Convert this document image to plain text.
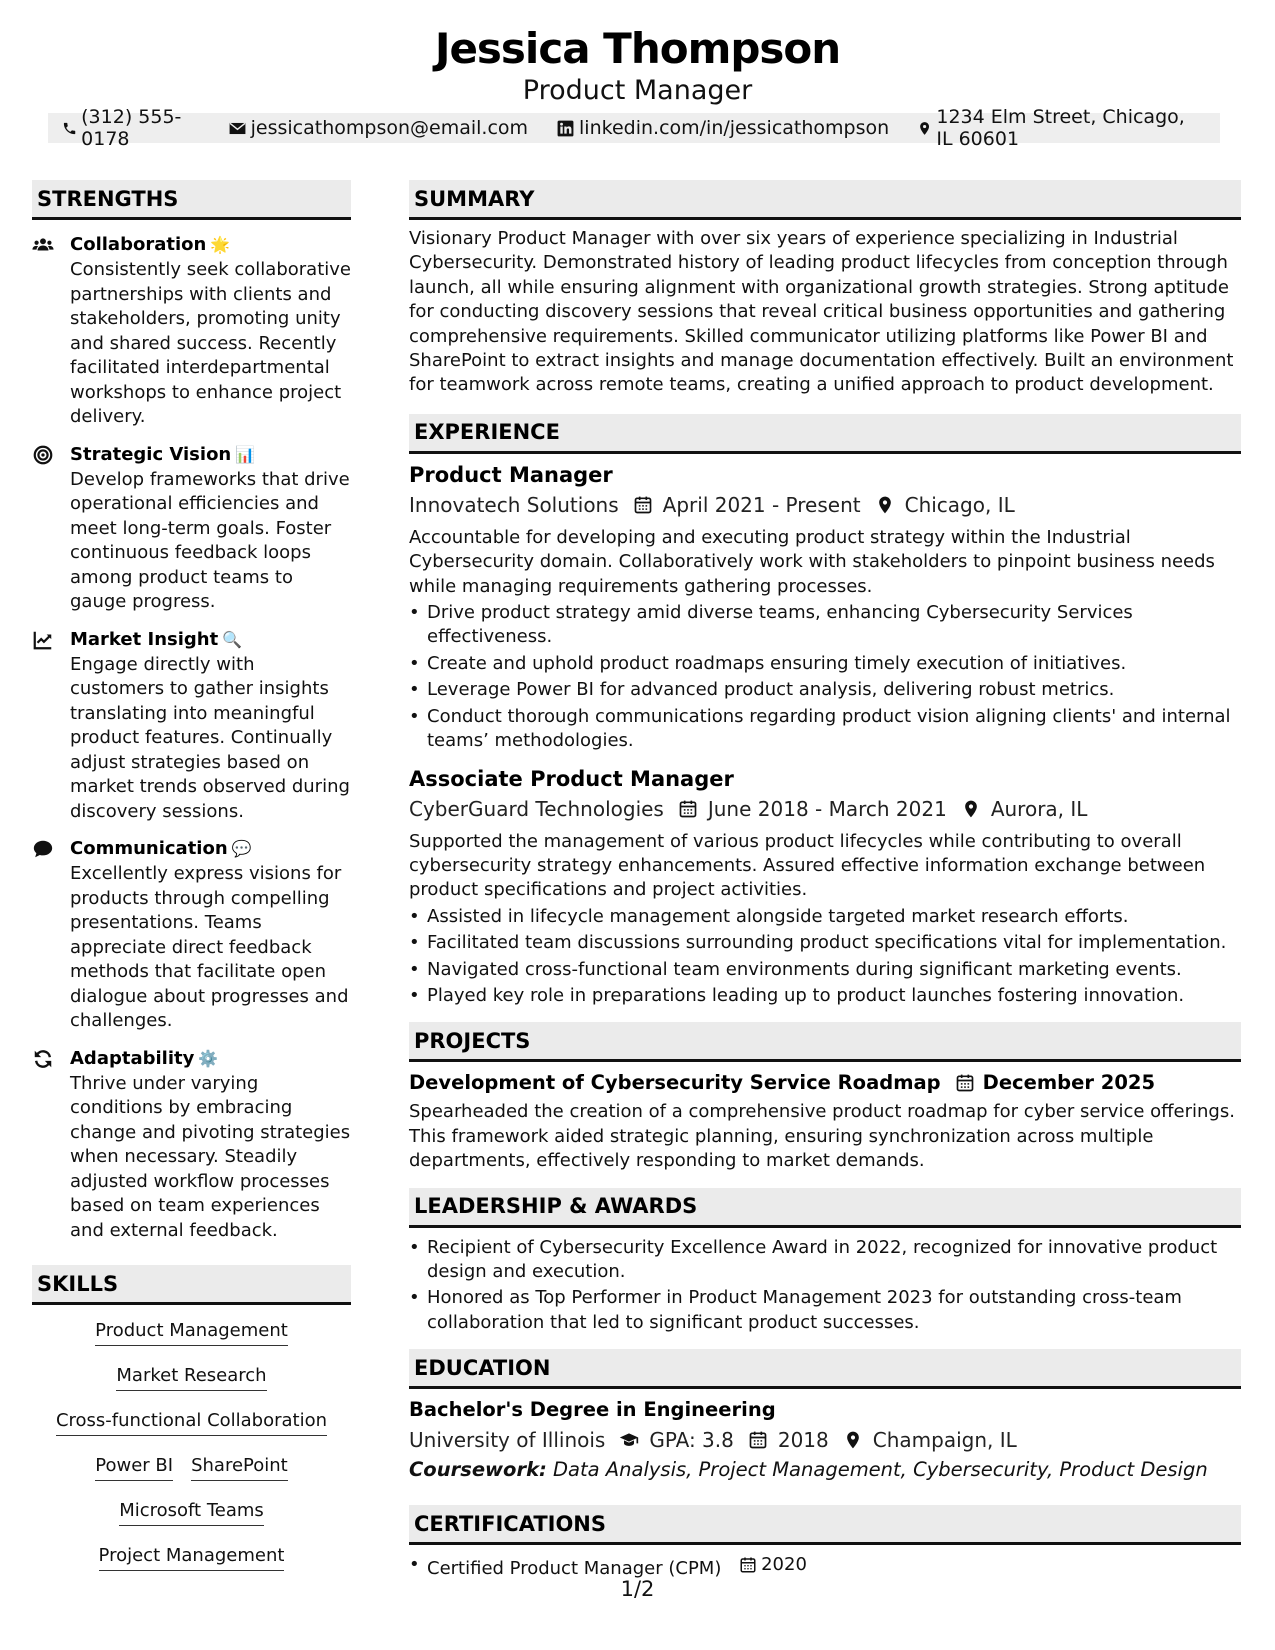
Jessica Thompson
Product Manager
(312) 555-0178	jessicathompson@email.com	linkedin.com/in/jessicathompson 1234 Elm Street, Chicago, IL 60601
STRENGTHS
Collaboration 🌟
Consistently seek collaborative partnerships with clients and stakeholders, promoting unity and shared success. Recently facilitated interdepartmental workshops to enhance project delivery.
Strategic Vision 📊
Develop frameworks that drive operational efficiencies and meet long-term goals. Foster continuous feedback loops among product teams to gauge progress.
Market Insight 🔍
Engage directly with customers to gather insights translating into meaningful product features. Continually adjust strategies based on market trends observed during discovery sessions.
Communication 💬
Excellently express visions for products through compelling presentations. Teams appreciate direct feedback methods that facilitate open dialogue about progresses and challenges.
Adaptability ⚙️
Thrive under varying conditions by embracing change and pivoting strategies when necessary. Steadily adjusted workflow processes based on team experiences and external feedback.
SKILLS
Product Management
Market Research
Cross-functional Collaboration
Power BI SharePoint
Microsoft Teams
Project Management
SUMMARY
Visionary Product Manager with over six years of experience specializing in Industrial Cybersecurity. Demonstrated history of leading product lifecycles from conception through launch, all while ensuring alignment with organizational growth strategies. Strong aptitude for conducting discovery sessions that reveal critical business opportunities and gathering comprehensive requirements. Skilled communicator utilizing platforms like Power BI and SharePoint to extract insights and manage documentation effectively. Built an environment for teamwork across remote teams, creating a unified approach to product development.
EXPERIENCE
Product Manager
Innovatech Solutions April 2021 - Present Chicago, IL
Accountable for developing and executing product strategy within the Industrial Cybersecurity domain. Collaboratively work with stakeholders to pinpoint business needs while managing requirements gathering processes.
• Drive product strategy amid diverse teams, enhancing Cybersecurity Services effectiveness.
• Create and uphold product roadmaps ensuring timely execution of initiatives.
• Leverage Power BI for advanced product analysis, delivering robust metrics.
• Conduct thorough communications regarding product vision aligning clients' and internal teams’ methodologies.
Associate Product Manager
CyberGuard Technologies June 2018 - March 2021 Aurora, IL
Supported the management of various product lifecycles while contributing to overall cybersecurity strategy enhancements. Assured effective information exchange between product specifications and project activities.
• Assisted in lifecycle management alongside targeted market research efforts.
• Facilitated team discussions surrounding product specifications vital for implementation.
• Navigated cross-functional team environments during significant marketing events.
• Played key role in preparations leading up to product launches fostering innovation.
PROJECTS
Development of Cybersecurity Service Roadmap December 2025
Spearheaded the creation of a comprehensive product roadmap for cyber service offerings. This framework aided strategic planning, ensuring synchronization across multiple departments, effectively responding to market demands.
LEADERSHIP & AWARDS
• Recipient of Cybersecurity Excellence Award in 2022, recognized for innovative product design and execution.
• Honored as Top Performer in Product Management 2023 for outstanding cross-team collaboration that led to significant product successes.
EDUCATION
Bachelor's Degree in Engineering
University of Illinois GPA: 3.8 2018 Champaign, IL
Coursework: Data Analysis, Project Management, Cybersecurity, Product Design
CERTIFICATIONS
• Certified Product Manager (CPM) 2020
1/2
